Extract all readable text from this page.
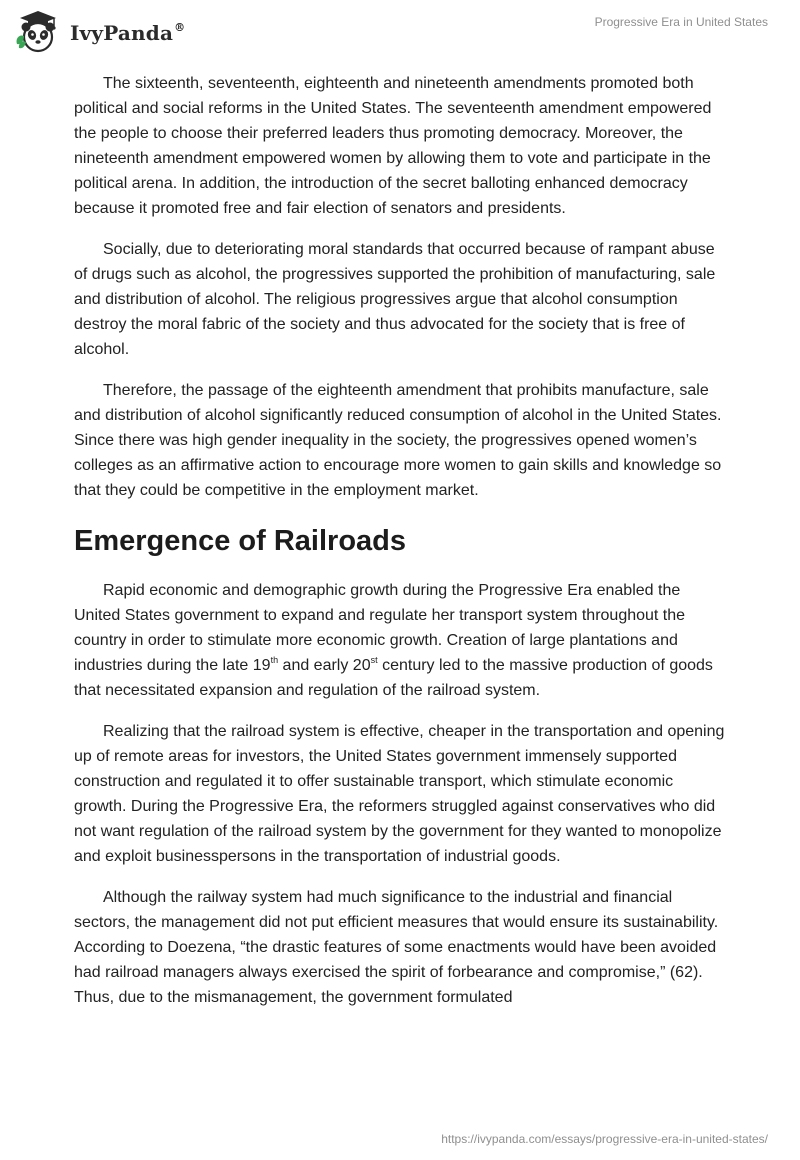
IvyPanda®	Progressive Era in United States

The sixteenth, seventeenth, eighteenth and nineteenth amendments promoted both political and social reforms in the United States. The seventeenth amendment empowered the people to choose their preferred leaders thus promoting democracy. Moreover, the nineteenth amendment empowered women by allowing them to vote and participate in the political arena. In addition, the introduction of the secret balloting enhanced democracy because it promoted free and fair election of senators and presidents.

Socially, due to deteriorating moral standards that occurred because of rampant abuse of drugs such as alcohol, the progressives supported the prohibition of manufacturing, sale and distribution of alcohol. The religious progressives argue that alcohol consumption destroy the moral fabric of the society and thus advocated for the society that is free of alcohol.

Therefore, the passage of the eighteenth amendment that prohibits manufacture, sale and distribution of alcohol significantly reduced consumption of alcohol in the United States. Since there was high gender inequality in the society, the progressives opened women’s colleges as an affirmative action to encourage more women to gain skills and knowledge so that they could be competitive in the employment market.

Emergence of Railroads

Rapid economic and demographic growth during the Progressive Era enabled the United States government to expand and regulate her transport system throughout the country in order to stimulate more economic growth. Creation of large plantations and industries during the late 19th and early 20st century led to the massive production of goods that necessitated expansion and regulation of the railroad system.

Realizing that the railroad system is effective, cheaper in the transportation and opening up of remote areas for investors, the United States government immensely supported construction and regulated it to offer sustainable transport, which stimulate economic growth. During the Progressive Era, the reformers struggled against conservatives who did not want regulation of the railroad system by the government for they wanted to monopolize and exploit businesspersons in the transportation of industrial goods.

Although the railway system had much significance to the industrial and financial sectors, the management did not put efficient measures that would ensure its sustainability. According to Doezena, “the drastic features of some enactments would have been avoided had railroad managers always exercised the spirit of forbearance and compromise,” (62). Thus, due to the mismanagement, the government formulated

https://ivypanda.com/essays/progressive-era-in-united-states/
